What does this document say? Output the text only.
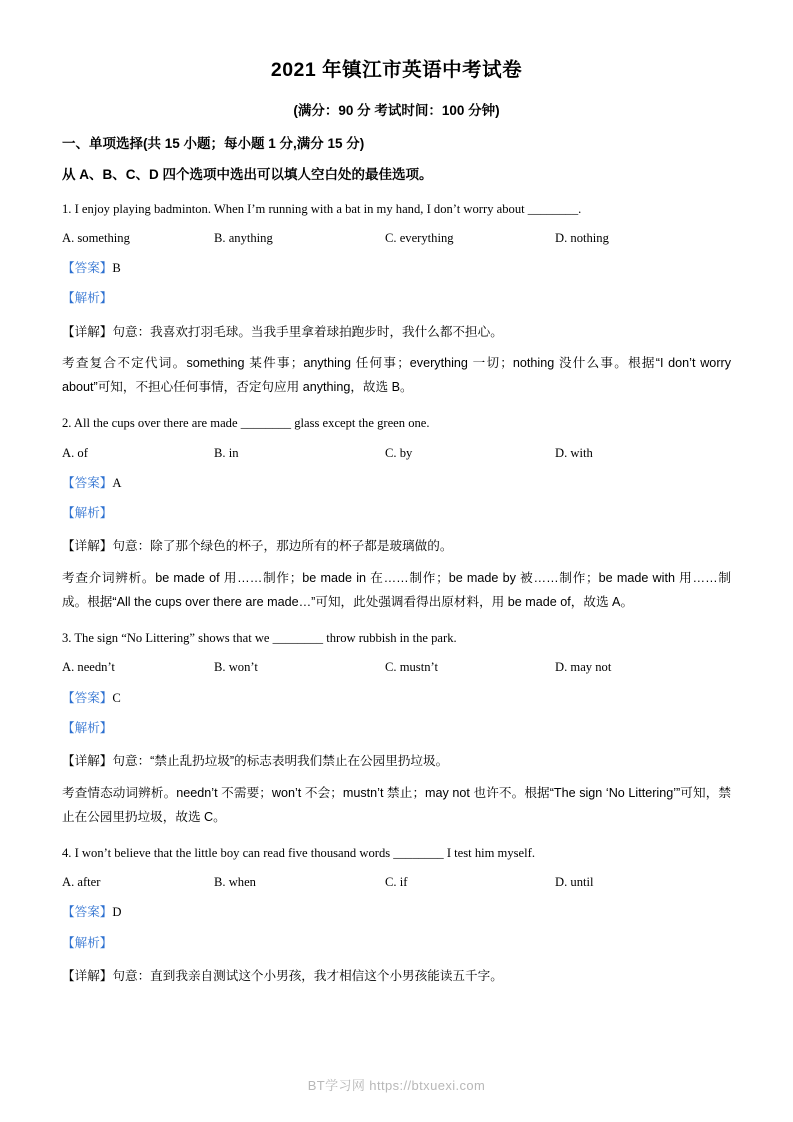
2021 年镇江市英语中考试卷
(满分：90 分 考试时间：100 分钟)
一、单项选择(共 15 小题；每小题 1 分,满分 15 分)
从 A、B、C、D 四个选项中选出可以填人空白处的最佳选项。
1. I enjoy playing badminton. When I’m running with a bat in my hand, I don’t worry about ________.
A. something	B. anything	C. everything	D. nothing
【答案】B
【解析】
【详解】句意：我喜欢打羽毛球。当我手里拿着球拍跑步时，我什么都不担心。
考查复合不定代词。something 某件事；anything 任何事；everything 一切；nothing 没什么事。根据“I don’t worry about”可知，不担心任何事情，否定句应用 anything，故选 B。
2. All the cups over there are made ________ glass except the green one.
A. of	B. in	C. by	D. with
【答案】A
【解析】
【详解】句意：除了那个绿色的杯子，那边所有的杯子都是玻璃做的。
考查介词辨析。be made of 用……制作；be made in 在……制作；be made by 被……制作；be made with 用……制成。根据“All the cups over there are made…”可知，此处强调看得出原材料，用 be made of，故选 A。
3. The sign “No Littering” shows that we ________ throw rubbish in the park.
A. needn’t	B. won’t	C. mustn’t	D. may not
【答案】C
【解析】
【详解】句意：“禁止乱扔垃圾”的标志表明我们禁止在公园里扔垃圾。
考查情态动词辨析。needn’t 不需要；won’t 不会；mustn’t 禁止；may not 也许不。根据“The sign ‘No Littering’”可知，禁止在公园里扔垃圾，故选 C。
4. I won’t believe that the little boy can read five thousand words ________ I test him myself.
A. after	B. when	C. if	D. until
【答案】D
【解析】
【详解】句意：直到我亲自测试这个小男孩，我才相信这个小男孩能读五千字。
BT学习网 https://btxuexi.com
